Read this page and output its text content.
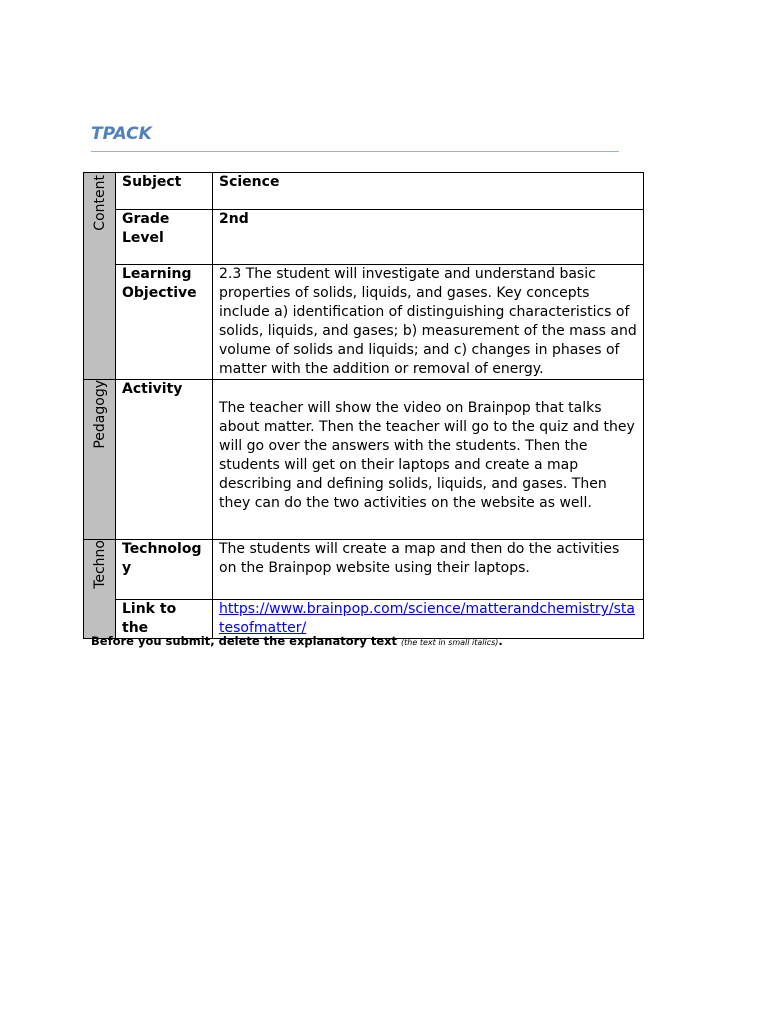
TPACK
Content	Subject	Science
	Grade Level	2nd
	Learning Objective	2.3 The student will investigate and understand basic properties of solids, liquids, and gases. Key concepts include a) identification of distinguishing characteristics of solids, liquids, and gases; b) measurement of the mass and volume of solids and liquids; and c) changes in phases of matter with the addition or removal of energy.

Pedagogy	Activity	The teacher will show the video on Brainpop that talks about matter. Then the teacher will go to the quiz and they will go over the answers with the students. Then the students will get on their laptops and create a map describing and defining solids, liquids, and gases. Then they can do the two activities on the website as well.

Techno	Technolog y	The students will create a map and then do the activities on the Brainpop website using their laptops.
	Link to the	https://www.brainpop.com/science/matterandchemistry/statesofmatter/
Before you submit, delete the explanatory text (the text in small italics).
